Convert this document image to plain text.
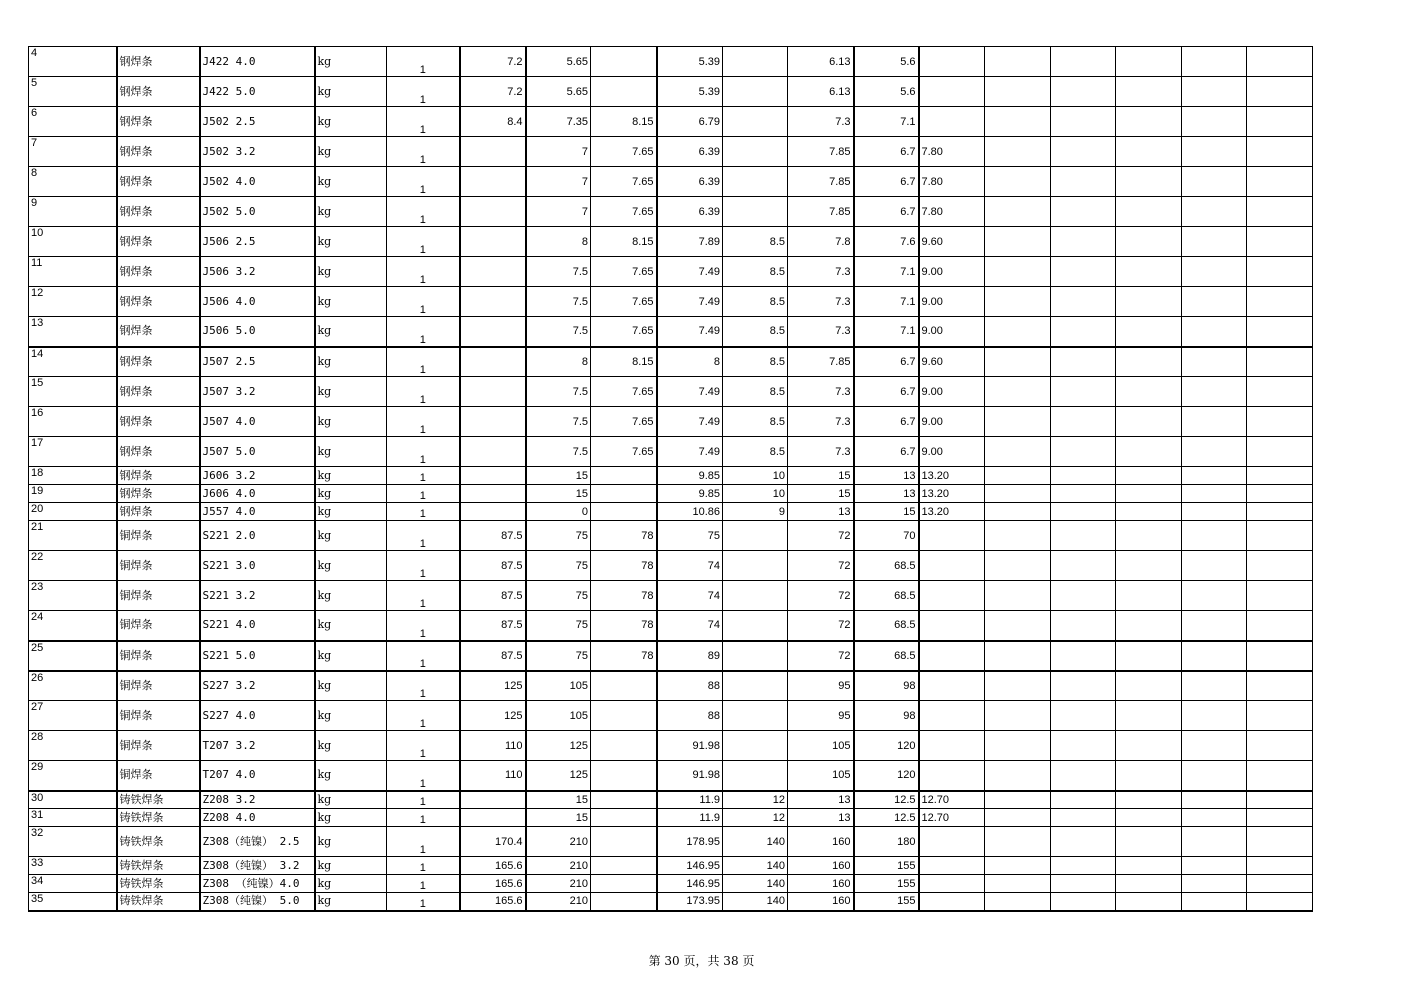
4	钢焊条	J422 4.0	kg	1	7.2	5.65		5.39		6.13	5.6						
5	钢焊条	J422 5.0	kg	1	7.2	5.65		5.39		6.13	5.6						
6	钢焊条	J502 2.5	kg	1	8.4	7.35	8.15	6.79		7.3	7.1						
7	钢焊条	J502 3.2	kg	1		7	7.65	6.39		7.85	6.7	7.80					
8	钢焊条	J502 4.0	kg	1		7	7.65	6.39		7.85	6.7	7.80					
9	钢焊条	J502 5.0	kg	1		7	7.65	6.39		7.85	6.7	7.80					
10	钢焊条	J506 2.5	kg	1		8	8.15	7.89	8.5	7.8	7.6	9.60					
11	钢焊条	J506 3.2	kg	1		7.5	7.65	7.49	8.5	7.3	7.1	9.00					
12	钢焊条	J506 4.0	kg	1		7.5	7.65	7.49	8.5	7.3	7.1	9.00					
13	钢焊条	J506 5.0	kg	1		7.5	7.65	7.49	8.5	7.3	7.1	9.00					
14	钢焊条	J507 2.5	kg	1		8	8.15	8	8.5	7.85	6.7	9.60					
15	钢焊条	J507 3.2	kg	1		7.5	7.65	7.49	8.5	7.3	6.7	9.00					
16	钢焊条	J507 4.0	kg	1		7.5	7.65	7.49	8.5	7.3	6.7	9.00					
17	钢焊条	J507 5.0	kg	1		7.5	7.65	7.49	8.5	7.3	6.7	9.00					
18	钢焊条	J606 3.2	kg	1		15		9.85	10	15	13	13.20					
19	钢焊条	J606 4.0	kg	1		15		9.85	10	15	13	13.20					
20	钢焊条	J557 4.0	kg	1		0		10.86	9	13	15	13.20					
21	铜焊条	S221 2.0	kg	1	87.5	75	78	75		72	70						
22	铜焊条	S221 3.0	kg	1	87.5	75	78	74		72	68.5						
23	铜焊条	S221 3.2	kg	1	87.5	75	78	74		72	68.5						
24	铜焊条	S221 4.0	kg	1	87.5	75	78	74		72	68.5						
25	铜焊条	S221 5.0	kg	1	87.5	75	78	89		72	68.5						
26	铜焊条	S227 3.2	kg	1	125	105		88		95	98						
27	铜焊条	S227 4.0	kg	1	125	105		88		95	98						
28	铜焊条	T207 3.2	kg	1	110	125		91.98		105	120						
29	铜焊条	T207 4.0	kg	1	110	125		91.98		105	120						
30	铸铁焊条	Z208 3.2	kg	1		15		11.9	12	13	12.5	12.70					
31	铸铁焊条	Z208 4.0	kg	1		15		11.9	12	13	12.5	12.70					
32	铸铁焊条	Z308（纯镍） 2.5	kg	1	170.4	210		178.95	140	160	180						
33	铸铁焊条	Z308（纯镍） 3.2	kg	1	165.6	210		146.95	140	160	155						
34	铸铁焊条	Z308 （纯镍）4.0	kg	1	165.6	210		146.95	140	160	155						
35	铸铁焊条	Z308（纯镍） 5.0	kg	1	165.6	210		173.95	140	160	155						
第 30 页，共 38 页
